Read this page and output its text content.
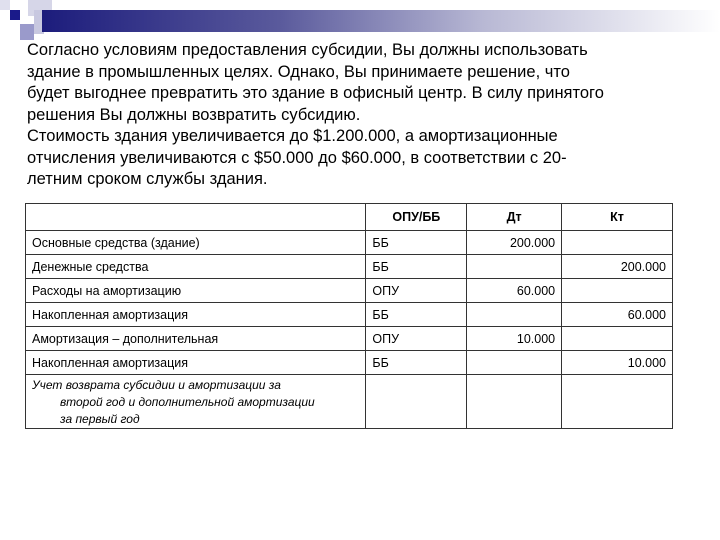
Согласно условиям предоставления субсидии, Вы должны использовать
здание в промышленных целях. Однако, Вы принимаете решение, что
будет выгоднее превратить это здание в офисный центр. В силу принятого
решения Вы должны возвратить субсидию.
Стоимость здания увеличивается до $1.200.000, а амортизационные
отчисления увеличиваются с $50.000 до $60.000, в соответствии с 20-
летним сроком службы здания.
	ОПУ/ББ	Дт	Кт
Основные средства (здание)	ББ	200.000	
Денежные средства	ББ		200.000
Расходы на амортизацию	ОПУ	60.000	
Накопленная амортизация	ББ		60.000
Амортизация – дополнительная	ОПУ	10.000	
Накопленная амортизация	ББ		10.000

Учет возврата субсидии и амортизации за
второй год и дополнительной амортизации
за первый год			
